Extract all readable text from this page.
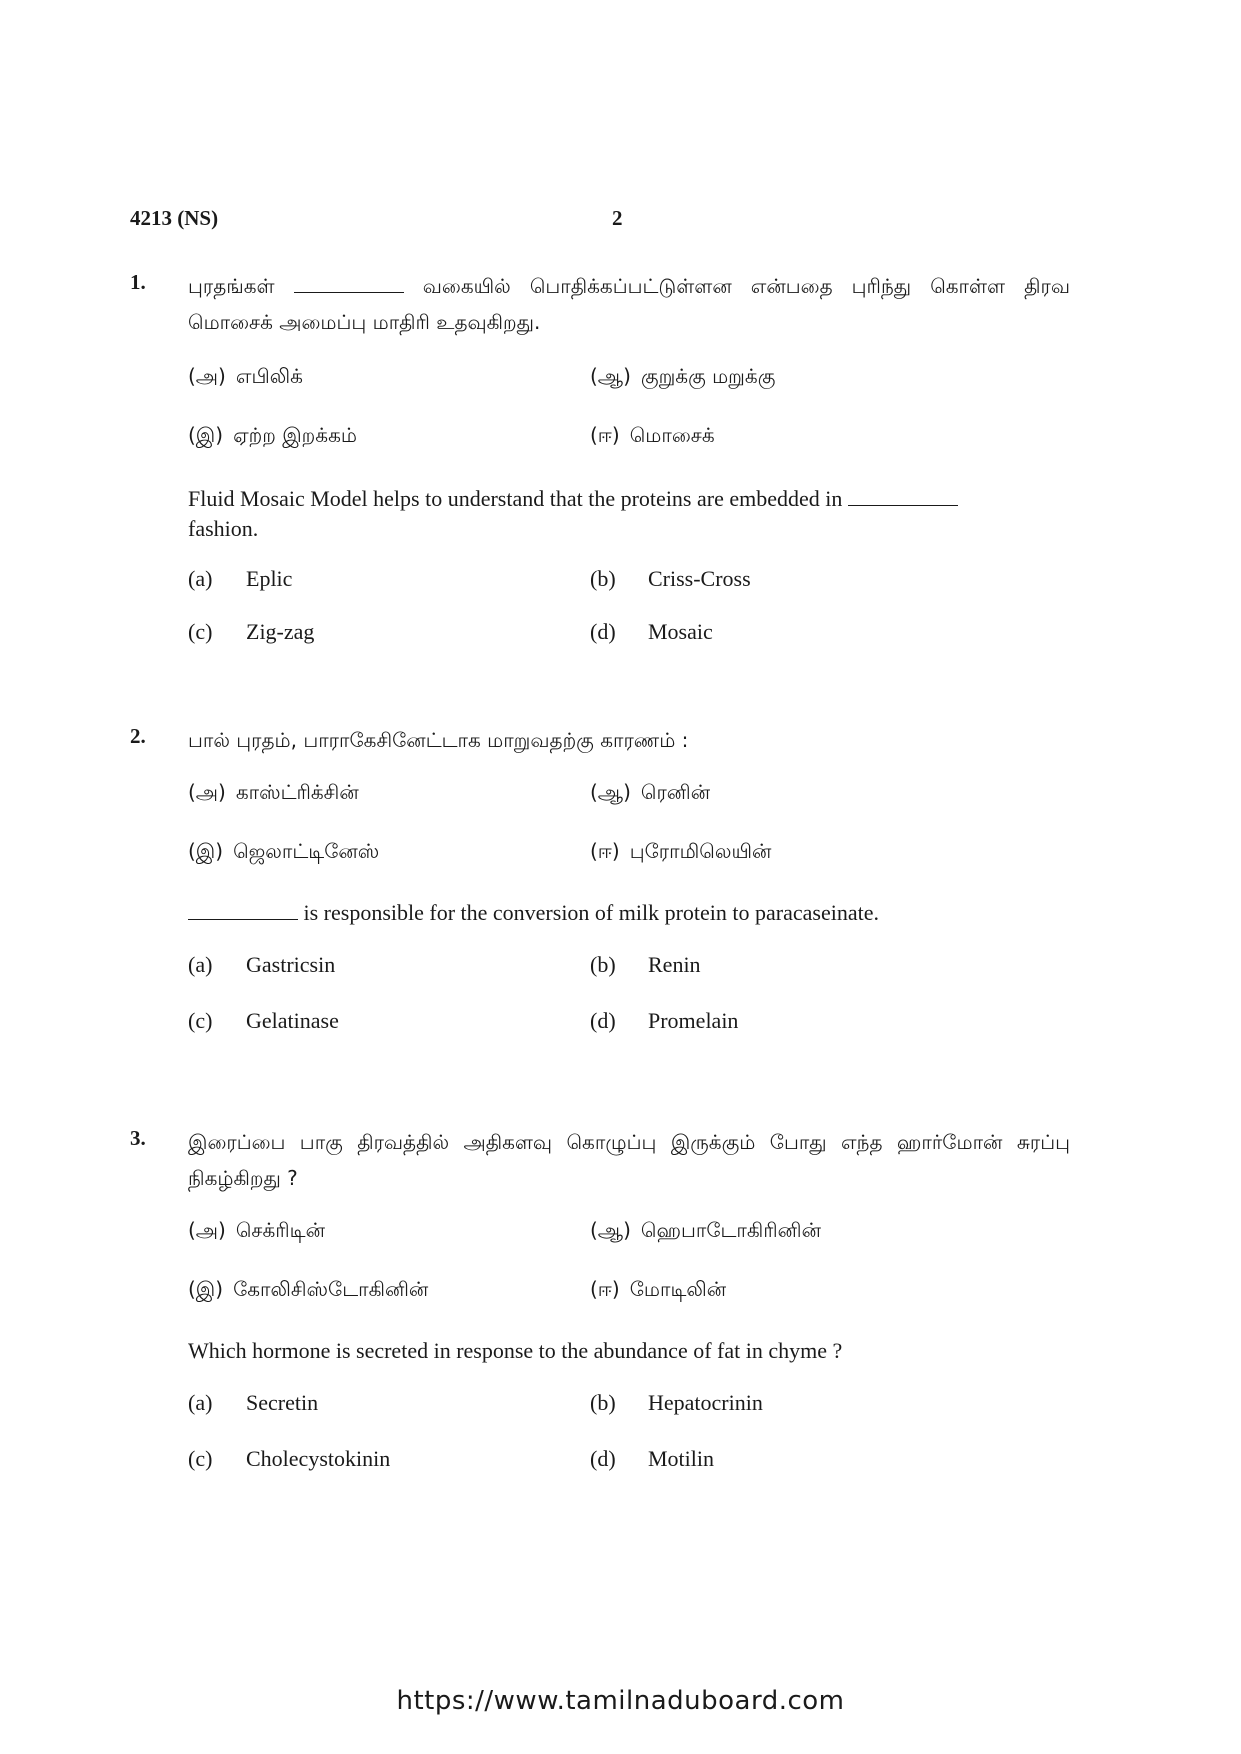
4213 (NS)	2
1. புரதங்கள்	வகையில் பொதிக்கப்பட்டுள்ளன என்பதை புரிந்து கொள்ள திரவ மொசைக் அமைப்பு மாதிரி உதவுகிறது.
(அ) எபிலிக்	(ஆ) குறுக்கு மறுக்கு
(இ) ஏற்ற இறக்கம்	(ஈ) மொசைக்
Fluid Mosaic Model helps to understand that the proteins are embedded in
fashion.
(a) Eplic	(b) Criss-Cross
(c) Zig-zag	(d) Mosaic
2. பால் புரதம், பாராகேசினேட்டாக மாறுவதற்கு காரணம் :
(அ) காஸ்ட்ரிக்சின்	(ஆ) ரெனின்
(இ) ஜெலாட்டினேஸ்	(ஈ) புரோமிலெயின்
is responsible for the conversion of milk protein to paracaseinate.
(a) Gastricsin	(b) Renin
(c) Gelatinase	(d) Promelain
3. இரைப்பை பாகு திரவத்தில் அதிகளவு கொழுப்பு இருக்கும் போது எந்த ஹார்மோன் சுரப்பு நிகழ்கிறது ?
(அ) செக்ரிடின்	(ஆ) ஹெபாடோகிரினின்
(இ) கோலிசிஸ்டோகினின்	(ஈ) மோடிலின்
Which hormone is secreted in response to the abundance of fat in chyme ?
(a) Secretin	(b) Hepatocrinin
(c) Cholecystokinin	(d) Motilin
https://www.tamilnaduboard.com
